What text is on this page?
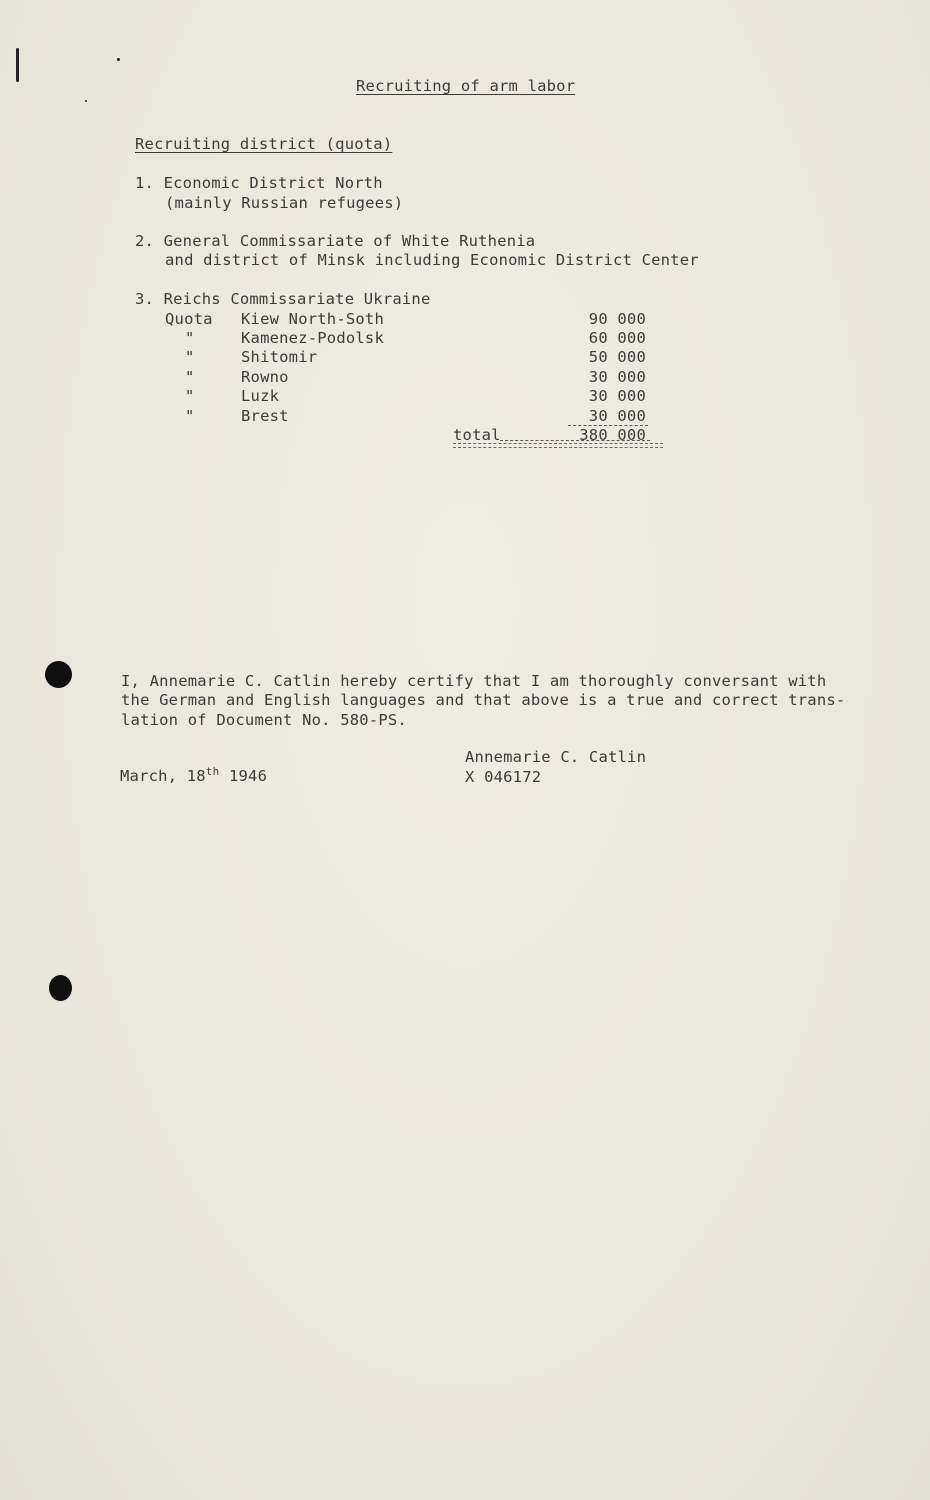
Recruiting of arm labor
Recruiting district (quota)
1. Economic District North
(mainly Russian refugees)
2. General Commissariate of White Ruthenia
and district of Minsk including Economic District Center
3. Reichs Commissariate Ukraine
Quota Kiew North-Soth	90 000
"	Kamenez-Podolsk	60 000
"	Shitomir	50 000
"	Rowno	30 000
"	Luzk	30 000
"	Brest	30 000
total	380 000
I, Annemarie C. Catlin hereby certify that I am thoroughly conversant with
the German and English languages and that above is a true and correct trans-
lation of Document No. 580-PS.
Annemarie C. Catlin
X 046172
March, 18th 1946
